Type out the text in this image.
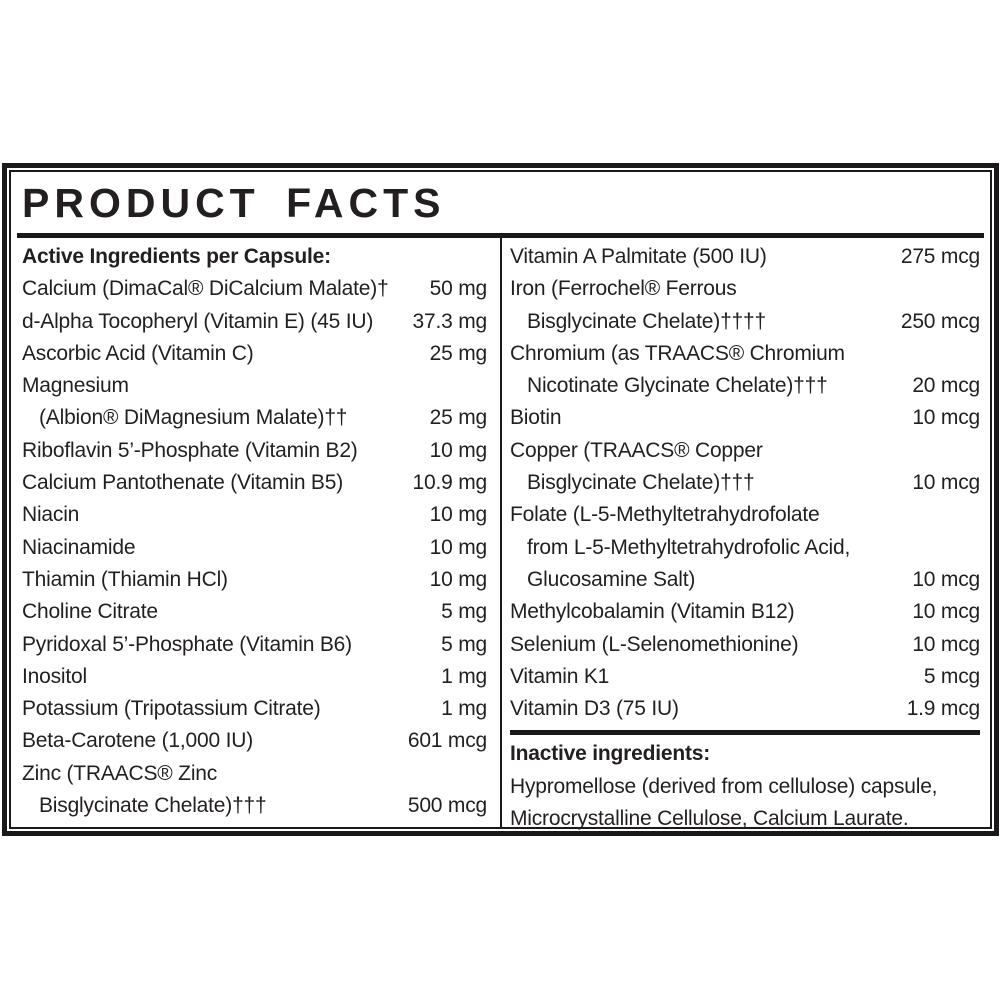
PRODUCT FACTS
Active Ingredients per Capsule:
Calcium (DimaCal® DiCalcium Malate)† 50 mg
d-Alpha Tocopheryl (Vitamin E) (45 IU) 37.3 mg
Ascorbic Acid (Vitamin C)	25 mg
Magnesium
(Albion® DiMagnesium Malate)††	25 mg
Riboflavin 5’-Phosphate (Vitamin B2)	10 mg
Calcium Pantothenate (Vitamin B5)	10.9 mg
Niacin	10 mg
Niacinamide	10 mg
Thiamin (Thiamin HCl)	10 mg
Choline Citrate	5 mg
Pyridoxal 5’-Phosphate (Vitamin B6)	5 mg
Inositol	1 mg
Potassium (Tripotassium Citrate)	1 mg
Beta-Carotene (1,000 IU)	601 mcg
Zinc (TRAACS® Zinc
Bisglycinate Chelate)†††	500 mcg
Vitamin A Palmitate (500 IU)	275 mcg
Iron (Ferrochel® Ferrous
Bisglycinate Chelate)††††	250 mcg
Chromium (as TRAACS® Chromium
Nicotinate Glycinate Chelate)†††	20 mcg
Biotin	10 mcg
Copper (TRAACS® Copper
Bisglycinate Chelate)†††	10 mcg
Folate (L-5-Methyltetrahydrofolate
from L-5-Methyltetrahydrofolic Acid,
Glucosamine Salt)	10 mcg
Methylcobalamin (Vitamin B12)	10 mcg
Selenium (L-Selenomethionine)	10 mcg
Vitamin K1	5 mcg
Vitamin D3 (75 IU)	1.9 mcg
Inactive ingredients:
Hypromellose (derived from cellulose) capsule,
Microcrystalline Cellulose, Calcium Laurate.
